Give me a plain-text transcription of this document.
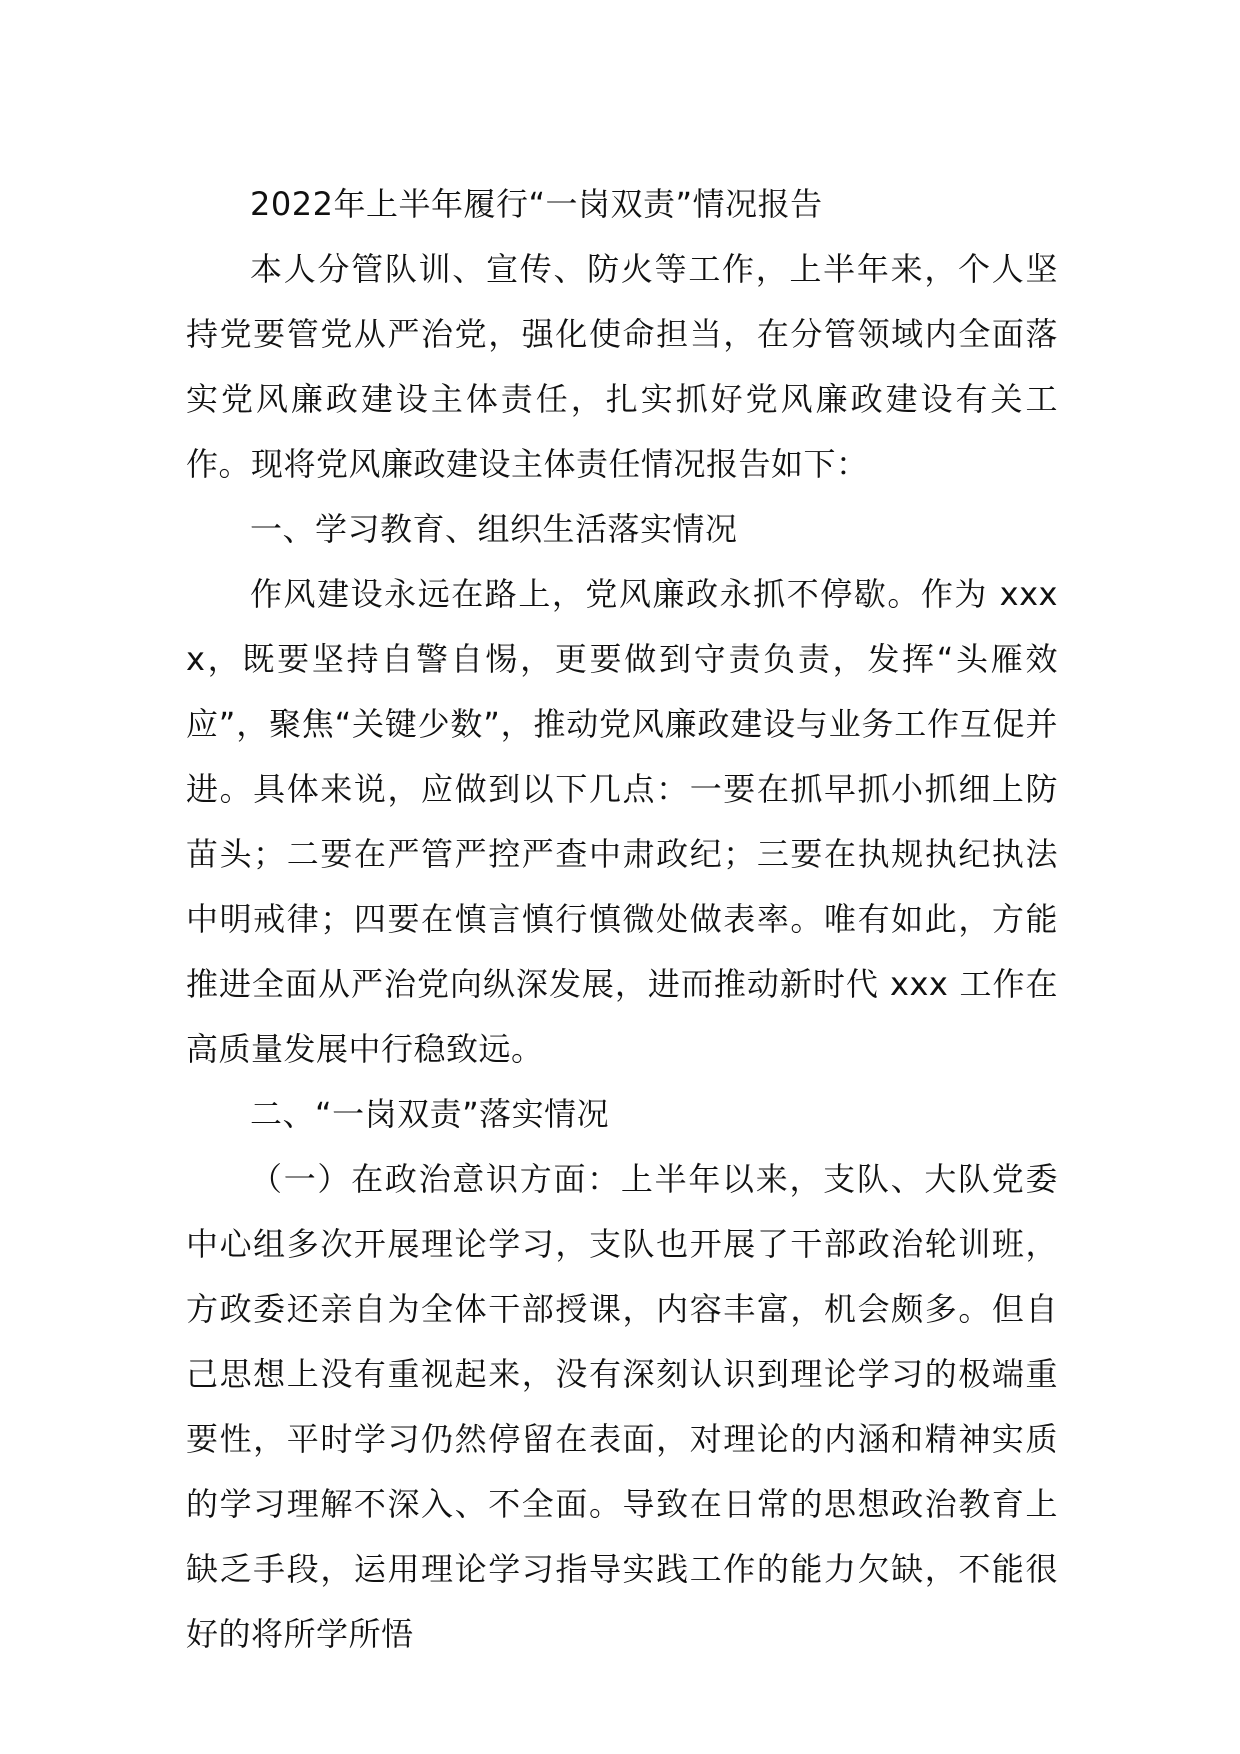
2022年上半年履行“一岗双责”情况报告

本人分管队训、宣传、防火等工作，上半年来，个人坚持党要管党从严治党，强化使命担当，在分管领域内全面落实党风廉政建设主体责任，扎实抓好党风廉政建设有关工作。现将党风廉政建设主体责任情况报告如下：

一、学习教育、组织生活落实情况

作风建设永远在路上，党风廉政永抓不停歇。作为 xxxx，既要坚持自警自惕，更要做到守责负责，发挥“头雁效应”，聚焦“关键少数”，推动党风廉政建设与业务工作互促并进。具体来说，应做到以下几点：一要在抓早抓小抓细上防苗头；二要在严管严控严查中肃政纪；三要在执规执纪执法中明戒律；四要在慎言慎行慎微处做表率。唯有如此，方能推进全面从严治党向纵深发展，进而推动新时代 xxx 工作在高质量发展中行稳致远。

二、“一岗双责”落实情况

（一）在政治意识方面：上半年以来，支队、大队党委中心组多次开展理论学习，支队也开展了干部政治轮训班，方政委还亲自为全体干部授课，内容丰富，机会颇多。但自己思想上没有重视起来，没有深刻认识到理论学习的极端重要性，平时学习仍然停留在表面，对理论的内涵和精神实质的学习理解不深入、不全面。导致在日常的思想政治教育上缺乏手段，运用理论学习指导实践工作的能力欠缺，不能很好的将所学所悟
